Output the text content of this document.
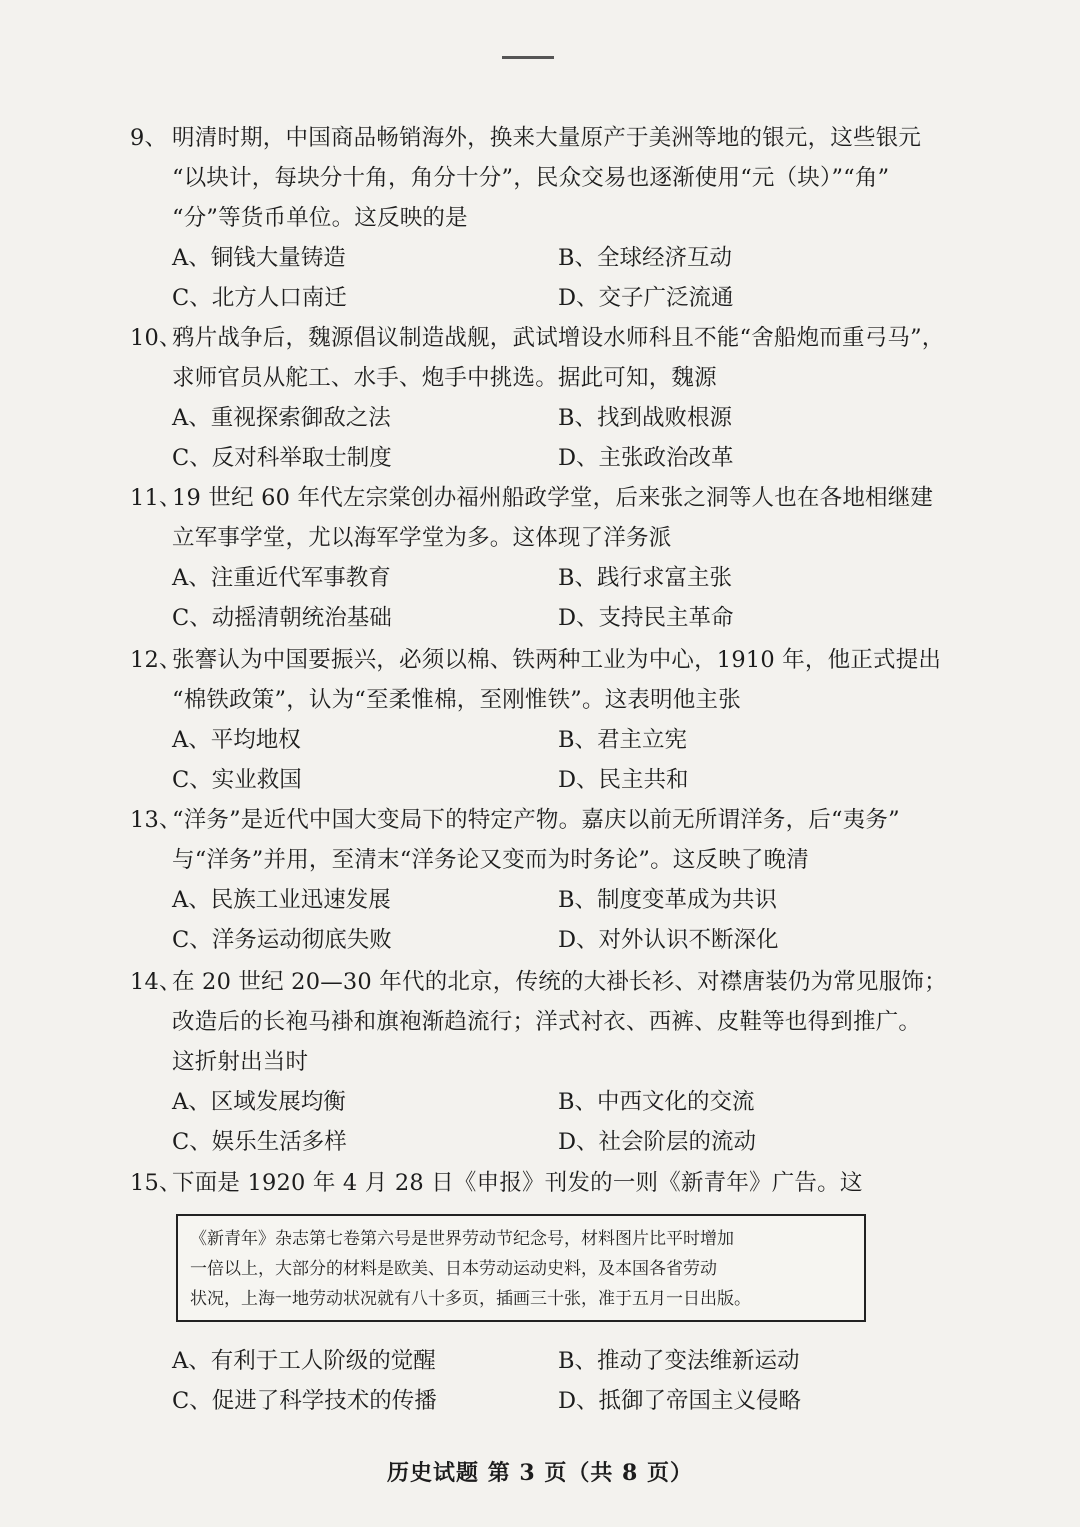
9、 明清时期，中国商品畅销海外，换来大量原产于美洲等地的银元，这些银元
“以块计，每块分十角，角分十分”，民众交易也逐渐使用“元（块）”“角”
“分”等货币单位。这反映的是
A、铜钱大量铸造	B、全球经济互动
C、北方人口南迁	D、交子广泛流通
10、鸦片战争后，魏源倡议制造战舰，武试增设水师科且不能“舍船炮而重弓马”，
求师官员从舵工、水手、炮手中挑选。据此可知，魏源
A、重视探索御敌之法	B、找到战败根源
C、反对科举取士制度	D、主张政治改革
11、19 世纪 60 年代左宗棠创办福州船政学堂，后来张之洞等人也在各地相继建
立军事学堂，尤以海军学堂为多。这体现了洋务派
A、注重近代军事教育	B、践行求富主张
C、动摇清朝统治基础	D、支持民主革命
12、张謇认为中国要振兴，必须以棉、铁两种工业为中心，1910 年，他正式提出
“棉铁政策”，认为“至柔惟棉，至刚惟铁”。这表明他主张
A、平均地权	B、君主立宪
C、实业救国	D、民主共和
13、“洋务”是近代中国大变局下的特定产物。嘉庆以前无所谓洋务，后“夷务”
与“洋务”并用，至清末“洋务论又变而为时务论”。这反映了晚清
A、民族工业迅速发展	B、制度变革成为共识
C、洋务运动彻底失败	D、对外认识不断深化
14、在 20 世纪 20—30 年代的北京，传统的大褂长衫、对襟唐装仍为常见服饰；
改造后的长袍马褂和旗袍渐趋流行；洋式衬衣、西裤、皮鞋等也得到推广。
这折射出当时
A、区域发展均衡	B、中西文化的交流
C、娱乐生活多样	D、社会阶层的流动
15、下面是 1920 年 4 月 28 日《申报》刊发的一则《新青年》广告。这
《新青年》杂志第七卷第六号是世界劳动节纪念号，材料图片比平时增加
一倍以上，大部分的材料是欧美、日本劳动运动史料，及本国各省劳动
状况，上海一地劳动状况就有八十多页，插画三十张，准于五月一日出版。
A、有利于工人阶级的觉醒	B、推动了变法维新运动
C、促进了科学技术的传播	D、抵御了帝国主义侵略
历史试题 第 3 页（共 8 页）
